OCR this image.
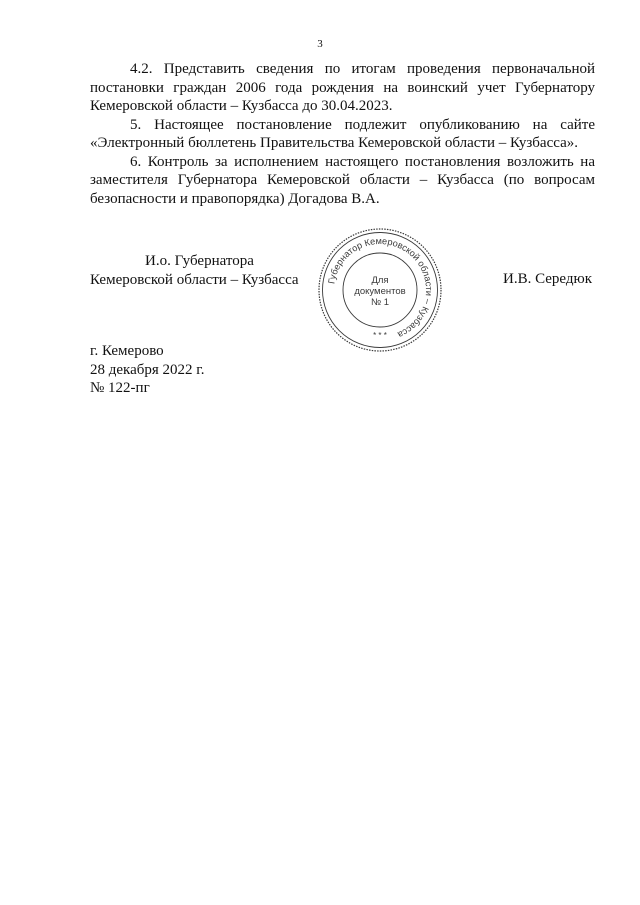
3

4.2. Представить сведения по итогам проведения первоначальной постановки граждан 2006 года рождения на воинский учет Губернатору Кемеровской области – Кузбасса до 30.04.2023.

5. Настоящее постановление подлежит опубликованию на сайте «Электронный бюллетень Правительства Кемеровской области – Кузбасса».

6. Контроль за исполнением настоящего постановления возложить на заместителя Губернатора Кемеровской области – Кузбасса (по вопросам безопасности и правопорядка) Догадова В.А.

И.о. Губернатора
Кемеровской области – Кузбасса	Губернатор Кемеровской области – Кузбасса
Для
документов
№ 1
* * *
И.В. Середюк
г. Кемерово
28 декабря 2022 г.
№ 122-пг
